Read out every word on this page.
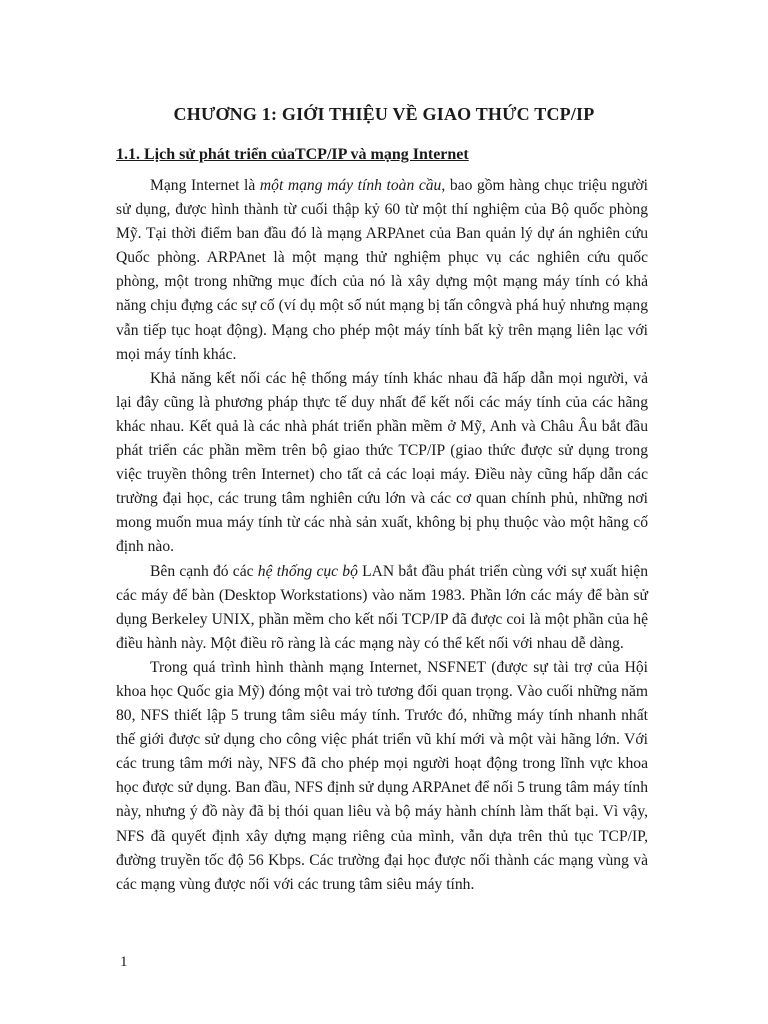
CHƯƠNG 1: GIỚI THIỆU VỀ GIAO THỨC TCP/IP
1.1. Lịch sử phát triển củaTCP/IP và mạng Internet

Mạng Internet là một mạng máy tính toàn cầu, bao gồm hàng chục triệu người sử dụng, được hình thành từ cuối thập kỷ 60 từ một thí nghiệm của Bộ quốc phòng Mỹ. Tại thời điểm ban đầu đó là mạng ARPAnet của Ban quản lý dự án nghiên cứu Quốc phòng. ARPAnet là một mạng thử nghiệm phục vụ các nghiên cứu quốc phòng, một trong những mục đích của nó là xây dựng một mạng máy tính có khả năng chịu đựng các sự cố (ví dụ một số nút mạng bị tấn côngvà phá huỷ nhưng mạng vẫn tiếp tục hoạt động). Mạng cho phép một máy tính bất kỳ trên mạng liên lạc với mọi máy tính khác.

Khả năng kết nối các hệ thống máy tính khác nhau đã hấp dẫn mọi người, vả lại đây cũng là phương pháp thực tế duy nhất để kết nối các máy tính của các hãng khác nhau. Kết quả là các nhà phát triển phần mềm ở Mỹ, Anh và Châu Âu bắt đầu phát triển các phần mềm trên bộ giao thức TCP/IP (giao thức được sử dụng trong việc truyền thông trên Internet) cho tất cả các loại máy. Điều này cũng hấp dẫn các trường đại học, các trung tâm nghiên cứu lớn và các cơ quan chính phủ, những nơi mong muốn mua máy tính từ các nhà sản xuất, không bị phụ thuộc vào một hãng cố định nào.

Bên cạnh đó các hệ thống cục bộ LAN bắt đầu phát triển cùng với sự xuất hiện các máy để bàn (Desktop Workstations) vào năm 1983. Phần lớn các máy để bàn sử dụng Berkeley UNIX, phần mềm cho kết nối TCP/IP đã được coi là một phần của hệ điều hành này. Một điều rõ ràng là các mạng này có thể kết nối với nhau dễ dàng.

Trong quá trình hình thành mạng Internet, NSFNET (được sự tài trợ của Hội khoa học Quốc gia Mỹ) đóng một vai trò tương đối quan trọng. Vào cuối những năm 80, NFS thiết lập 5 trung tâm siêu máy tính. Trước đó, những máy tính nhanh nhất thế giới được sử dụng cho công việc phát triển vũ khí mới và một vài hãng lớn. Với các trung tâm mới này, NFS đã cho phép mọi người hoạt động trong lĩnh vực khoa học được sử dụng. Ban đầu, NFS định sử dụng ARPAnet để nối 5 trung tâm máy tính này, nhưng ý đồ này đã bị thói quan liêu và bộ máy hành chính làm thất bại. Vì vậy, NFS đã quyết định xây dựng mạng riêng của mình, vẫn dựa trên thủ tục TCP/IP, đường truyền tốc độ 56 Kbps. Các trường đại học được nối thành các mạng vùng và các mạng vùng được nối với các trung tâm siêu máy tính.

1
